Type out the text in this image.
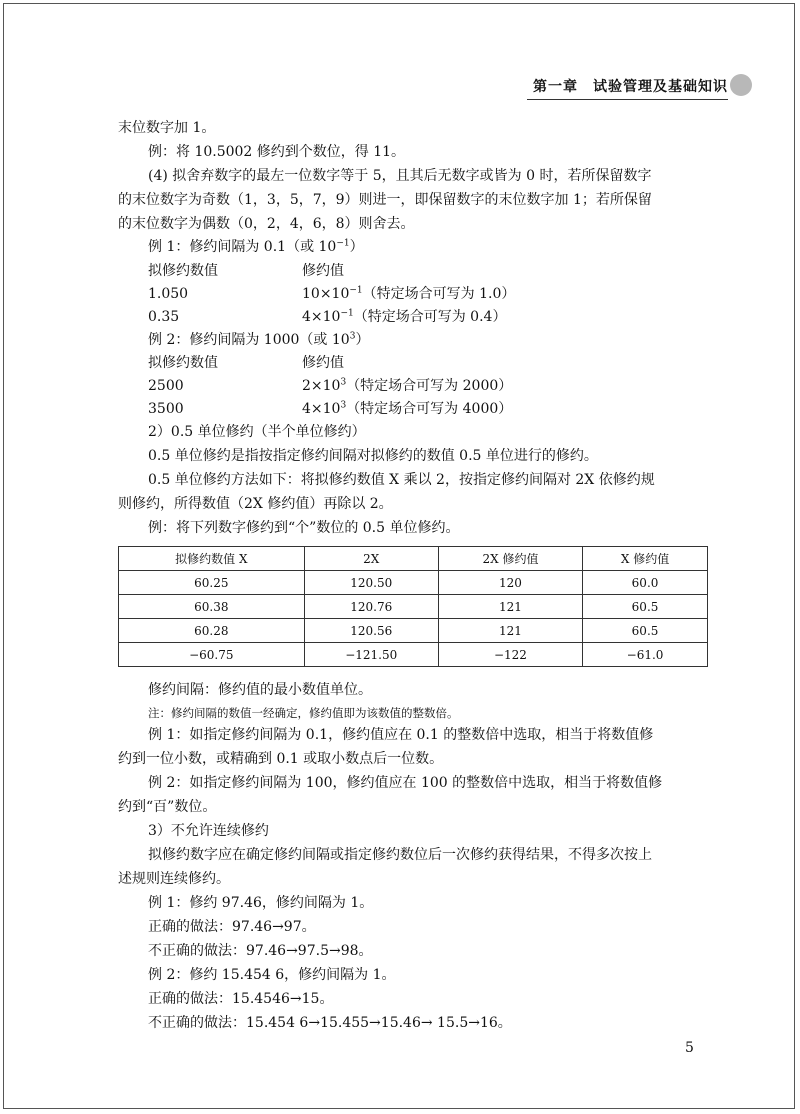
第一章　试验管理及基础知识
末位数字加 1。
例：将 10.5002 修约到个数位，得 11。
(4) 拟舍弃数字的最左一位数字等于 5，且其后无数字或皆为 0 时，若所保留数字
的末位数字为奇数（1，3，5，7，9）则进一，即保留数字的末位数字加 1；若所保留
的末位数字为偶数（0，2，4，6，8）则舍去。
例 1：修约间隔为 0.1（或 $10^{-1}$）
拟修约数值	修约值
1.050	$10\times 10^{-1}$（特定场合可写为 1.0）
0.35	$4\times 10^{-1}$（特定场合可写为 0.4）
例 2：修约间隔为 1000（或 $10^3$）
拟修约数值	修约值
2500	$2\times 10^3$（特定场合可写为 2000）
3500	$4\times 10^3$（特定场合可写为 4000）
2）0.5 单位修约（半个单位修约）
0.5 单位修约是指按指定修约间隔对拟修约的数值 0.5 单位进行的修约。
0.5 单位修约方法如下：将拟修约数值 X 乘以 2，按指定修约间隔对 2X 依修约规
则修约，所得数值（2X 修约值）再除以 2。
例：将下列数字修约到“个”数位的 0.5 单位修约。
拟修约数值 X	2X	2X 修约值	X 修约值
60.25	120.50	120	60.0
60.38	120.76	121	60.5
60.28	120.56	121	60.5
−60.75	−121.50	−122	−61.0
修约间隔：修约值的最小数值单位。
注：修约间隔的数值一经确定，修约值即为该数值的整数倍。
例 1：如指定修约间隔为 0.1，修约值应在 0.1 的整数倍中选取，相当于将数值修
约到一位小数，或精确到 0.1 或取小数点后一位数。
例 2：如指定修约间隔为 100，修约值应在 100 的整数倍中选取，相当于将数值修
约到“百”数位。
3）不允许连续修约
拟修约数字应在确定修约间隔或指定修约数位后一次修约获得结果，不得多次按上
述规则连续修约。
例 1：修约 97.46，修约间隔为 1。
正确的做法：97.46→97。
不正确的做法：97.46→97.5→98。
例 2：修约 15.454 6，修约间隔为 1。
正确的做法：15.4546→15。
不正确的做法：15.454 6→15.455→15.46→ 15.5→16。
5
